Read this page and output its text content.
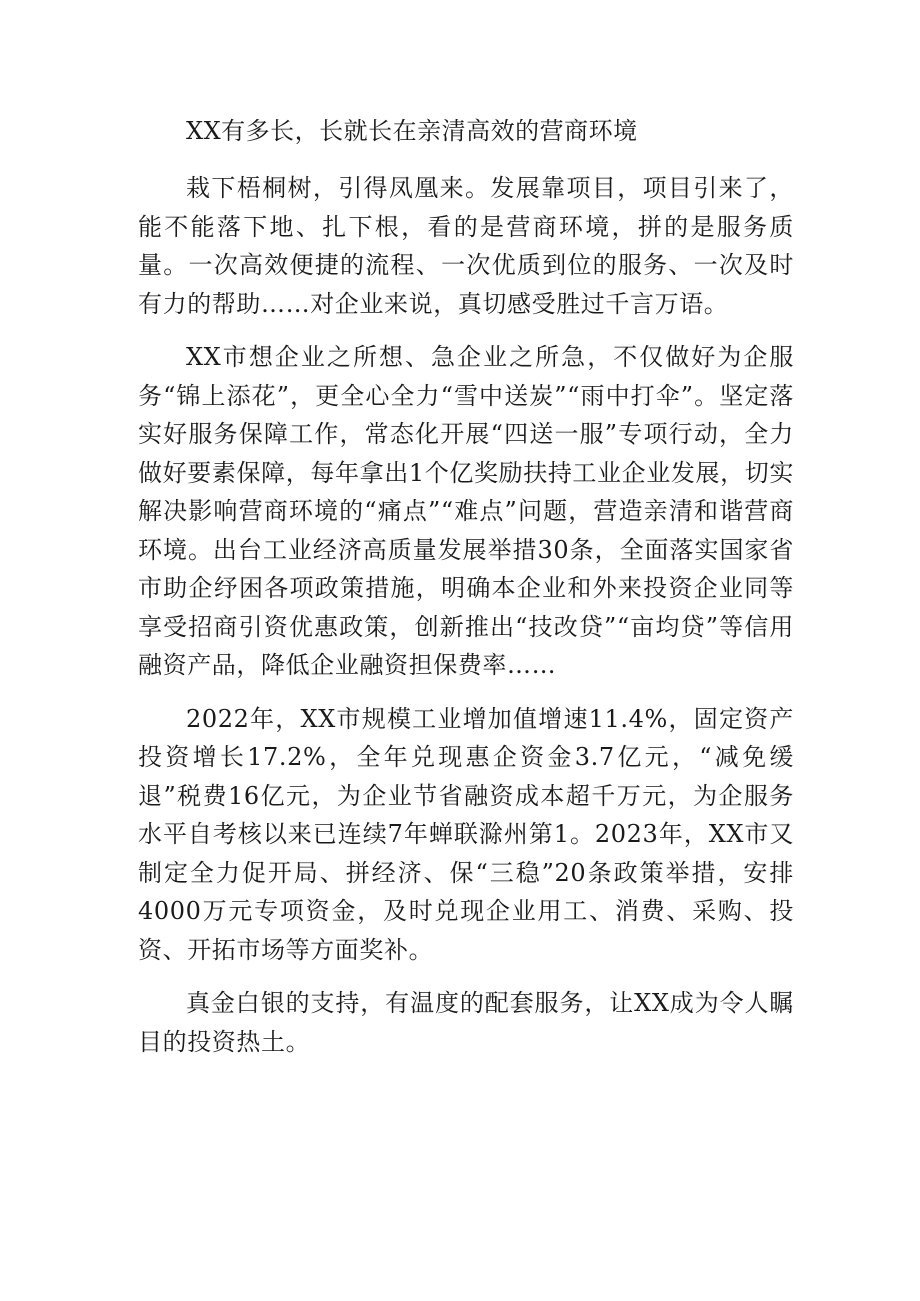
XX有多长，长就长在亲清高效的营商环境

栽下梧桐树，引得凤凰来。发展靠项目，项目引来了，能不能落下地、扎下根，看的是营商环境，拼的是服务质量。一次高效便捷的流程、一次优质到位的服务、一次及时有力的帮助……对企业来说，真切感受胜过千言万语。

XX市想企业之所想、急企业之所急，不仅做好为企服务“锦上添花”，更全心全力“雪中送炭”“雨中打伞”。坚定落实好服务保障工作，常态化开展“四送一服”专项行动，全力做好要素保障，每年拿出1个亿奖励扶持工业企业发展，切实解决影响营商环境的“痛点”“难点”问题，营造亲清和谐营商环境。出台工业经济高质量发展举措30条，全面落实国家省市助企纾困各项政策措施，明确本企业和外来投资企业同等享受招商引资优惠政策，创新推出“技改贷”“亩均贷”等信用融资产品，降低企业融资担保费率……

2022年，XX市规模工业增加值增速11.4%，固定资产投资增长17.2%，全年兑现惠企资金3.7亿元，“减免缓退”税费16亿元，为企业节省融资成本超千万元，为企服务水平自考核以来已连续7年蝉联滁州第1。2023年，XX市又制定全力促开局、拼经济、保“三稳”20条政策举措，安排4000万元专项资金，及时兑现企业用工、消费、采购、投资、开拓市场等方面奖补。

真金白银的支持，有温度的配套服务，让XX成为令人瞩目的投资热土。
